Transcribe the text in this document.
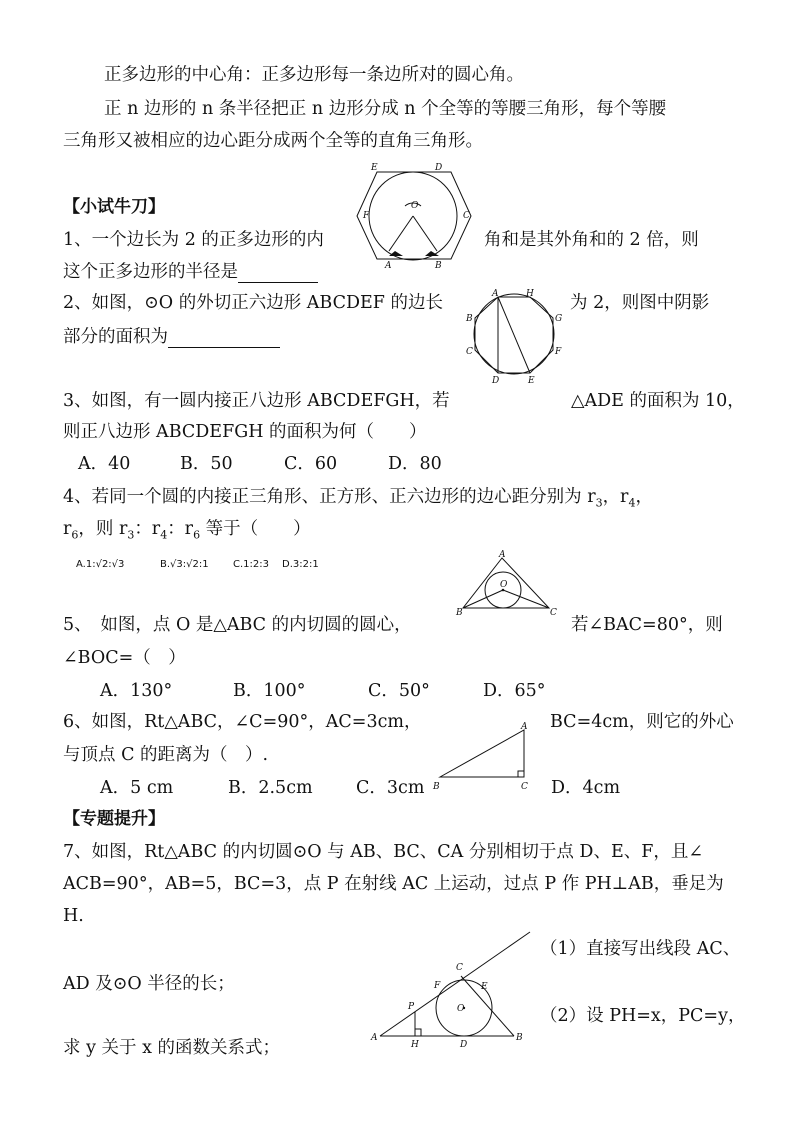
正多边形的中心角：正多边形每一条边所对的圆心角。
正 n 边形的 n 条半径把正 n 边形分成 n 个全等的等腰三角形，每个等腰
三角形又被相应的边心距分成两个全等的直角三角形。
【小试牛刀】
1、一个边长为 2 的正多边形的内	角和是其外角和的 2 倍，则
这个正多边形的半径是
E	D
C
B
A
F
O
2、如图，⊙O 的外切正六边形 ABCDEF 的边长	为 2，则图中阴影
部分的面积为
A	H
B	G
C	F
D	E
3、如图，有一圆内接正八边形 ABCDEFGH，若	△ADE 的面积为 10，
则正八边形 ABCDEFGH 的面积为何（　　）
A．40	B．50	C．60	D．80
4、若同一个圆的内接正三角形、正方形、正六边形的边心距分别为 $r_3$，$r_4$，
$r_6$，则 $r_3$：$r_4$：$r_6$ 等于（　　）
A.1:√2:√3	B.√3:√2:1 C.1:2:3 D.3:2:1
A
O
B	C
5、　如图，点 O 是△ABC 的内切圆的圆心，	若∠BAC=80°，则
∠BOC=（　）
A．130°	B．100°	C．50°	D．65°
6、如图，Rt△ABC，∠C=90°，AC=3cm，	BC=4cm，则它的外心
与顶点 C 的距离为（　）.
A
B	C
A．5 cm	B．2.5cm C．3cm	D．4cm
【专题提升】
7、如图，Rt△ABC 的内切圆⊙O 与 AB、BC、CA 分别相切于点 D、E、F，且∠
ACB=90°，AB=5，BC=3，点 P 在射线 AC 上运动，过点 P 作 PH⊥AB，垂足为
H.
（1）直接写出线段 AC、
AD 及⊙O 半径的长；
（2）设 PH=x，PC=y，
求 y 关于 x 的函数关系式；
C
F	E
P	O
A
H	D
B
